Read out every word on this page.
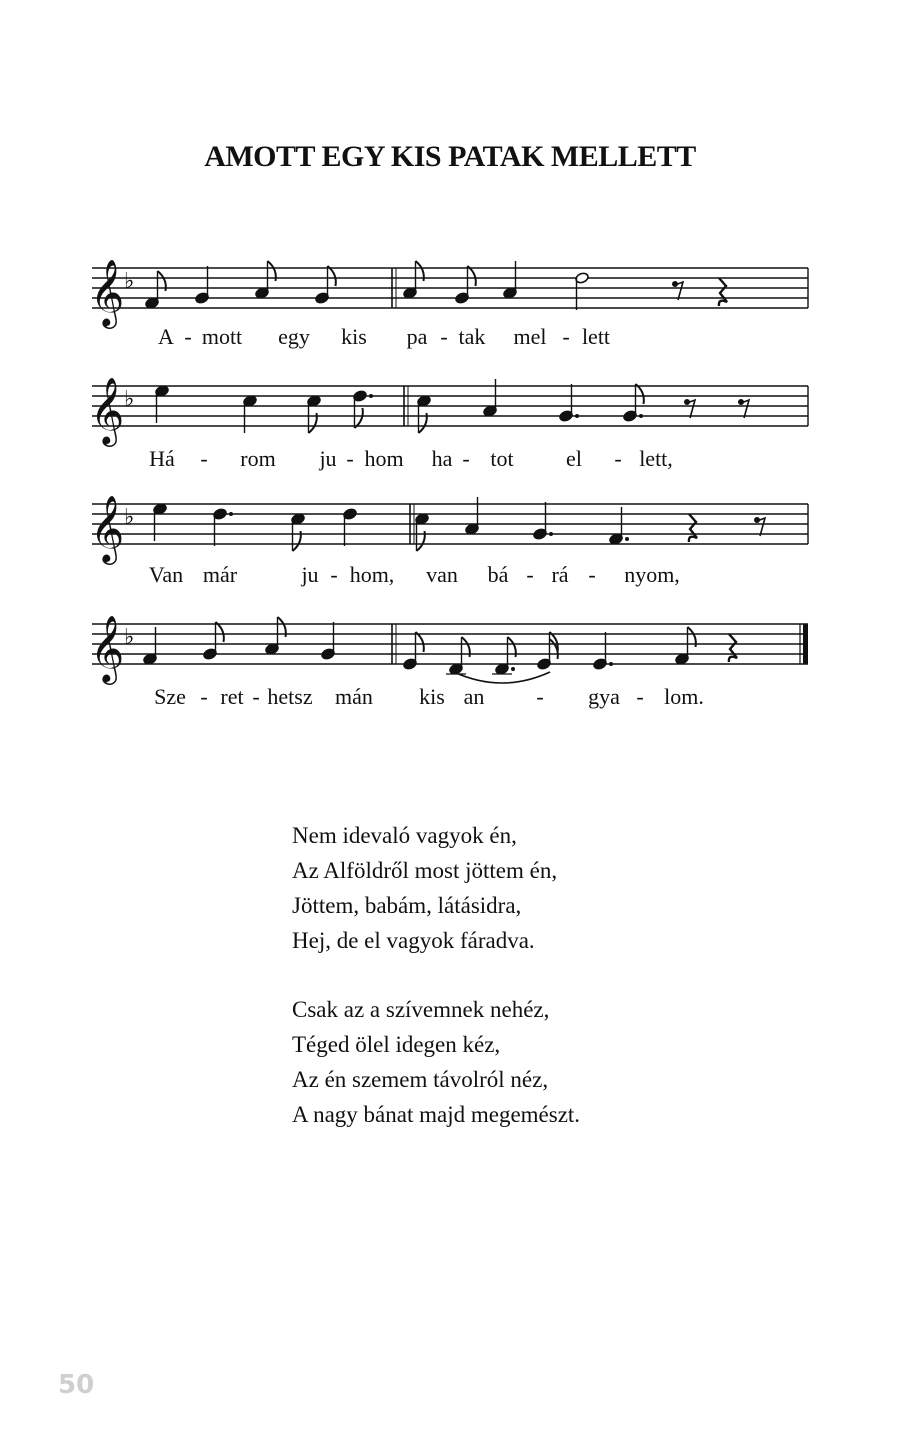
AMOTT EGY KIS PATAK MELLETT
𝄞 ♭
A - mott egy kis pa - tak mel - lett
𝄞 ♭
Há - rom ju - hom ha - tot el - lett,
𝄞 ♭
Van már	ju - hom, van bá - rá - nyom,
𝄞 ♭
Sze - ret - hetsz mán kis an - gya - lom.
Nem idevaló vagyok én,
Az Alföldről most jöttem én,
Jöttem, babám, látásidra,
Hej, de el vagyok fáradva.
Csak az a szívemnek nehéz,
Téged ölel idegen kéz,
Az én szemem távolról néz,
A nagy bánat majd megemészt.
50
